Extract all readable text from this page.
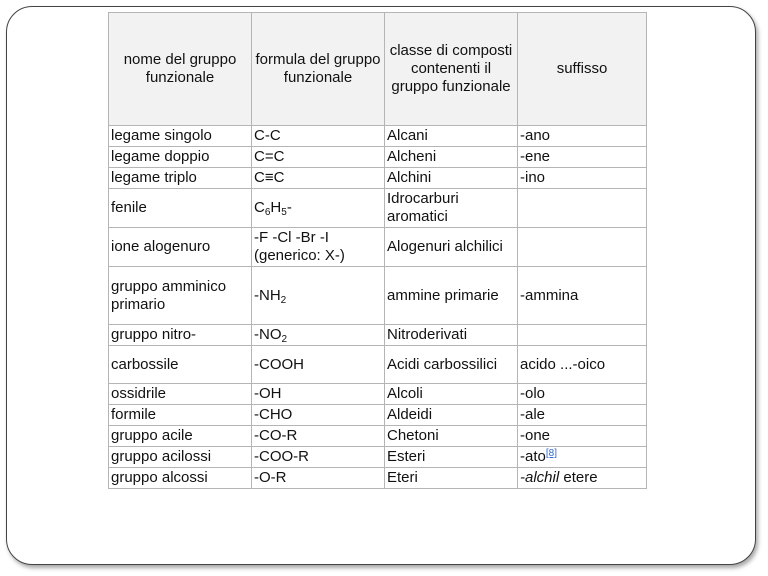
nome del gruppo funzionale	formula del gruppo funzionale	classe di composti contenenti il gruppo funzionale	suffisso
legame singolo	C-C	Alcani	-ano
legame doppio	C=C	Alcheni	-ene
legame triplo	C≡C	Alchini	-ino
fenile	$C_6H_5-$	Idrocarburi aromatici	
ione alogenuro	-F -Cl -Br -I (generico: X-)	Alogenuri alchilici	
gruppo amminico primario	$-NH_2$	ammine primarie	-ammina
gruppo nitro-	$-NO_2$	Nitroderivati	
carbossile	-COOH	Acidi carbossilici	acido ...-oico
ossidrile	-OH	Alcoli	-olo
formile	-CHO	Aldeidi	-ale
gruppo acile	-CO-R	Chetoni	-one
gruppo acilossi	-COO-R	Esteri	-ato[8]
gruppo alcossi	-O-R	Eteri	-alchil etere
